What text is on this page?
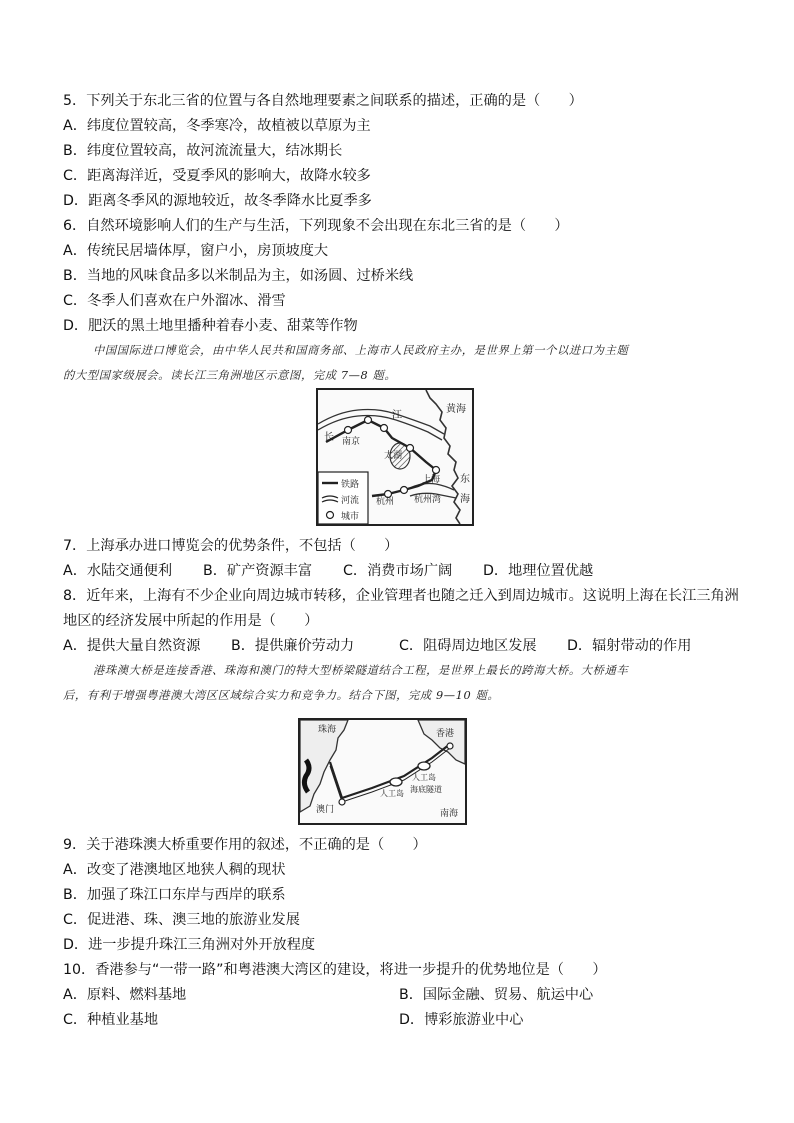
5．下列关于东北三省的位置与各自然地理要素之间联系的描述，正确的是（　　）
A．纬度位置较高，冬季寒冷，故植被以草原为主
B．纬度位置较高，故河流流量大，结冰期长
C．距离海洋近，受夏季风的影响大，故降水较多
D．距离冬季风的源地较近，故冬季降水比夏季多
6．自然环境影响人们的生产与生活，下列现象不会出现在东北三省的是（　　）
A．传统民居墙体厚，窗户小，房顶坡度大
B．当地的风味食品多以米制品为主，如汤圆、过桥米线
C．冬季人们喜欢在户外溜冰、滑雪
D．肥沃的黑土地里播种着春小麦、甜菜等作物
中国国际进口博览会，由中华人民共和国商务部、上海市人民政府主办，是世界上第一个以进口为主题
的大型国家级展会。读长江三角洲地区示意图，完成 7—8 题。
黄海
江
长 南京
太湖
上海 东
海
杭州 杭州湾
铁路
河流
城市
7．上海承办进口博览会的优势条件，不包括（　　）
A．水陆交通便利 B．矿产资源丰富 C．消费市场广阔 D．地理位置优越
8．近年来，上海有不少企业向周边城市转移，企业管理者也随之迁入到周边城市。这说明上海在长江三角洲
地区的经济发展中所起的作用是（　　）
A．提供大量自然资源 B．提供廉价劳动力	C．阻碍周边地区发展 D．辐射带动的作用
港珠澳大桥是连接香港、珠海和澳门的特大型桥梁隧道结合工程，是世界上最长的跨海大桥。大桥通车
后，有利于增强粤港澳大湾区区域综合实力和竞争力。结合下图，完成 9—10 题。
珠海	香港
人工岛
人工岛 海底隧道
澳门	南海
9．关于港珠澳大桥重要作用的叙述，不正确的是（　　）
A．改变了港澳地区地狭人稠的现状
B．加强了珠江口东岸与西岸的联系
C．促进港、珠、澳三地的旅游业发展
D．进一步提升珠江三角洲对外开放程度
10．香港参与“一带一路”和粤港澳大湾区的建设，将进一步提升的优势地位是（　　）
A．原料、燃料基地	B．国际金融、贸易、航运中心
C．种植业基地	D．博彩旅游业中心
